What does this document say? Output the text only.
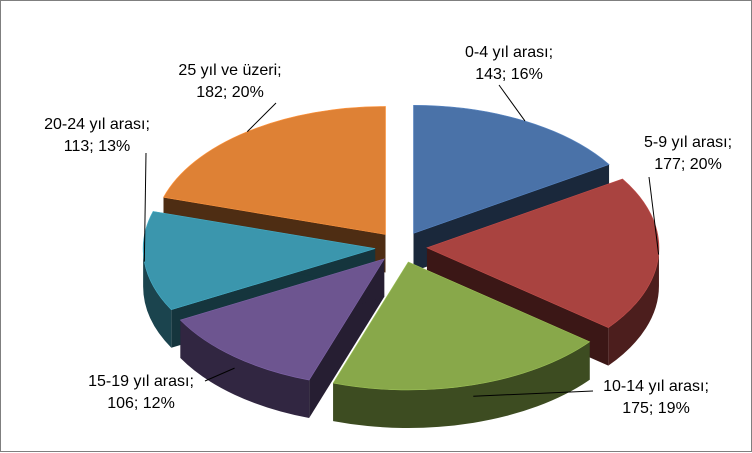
0-4 yıl arası;
143; 16%
5-9 yıl arası;
177; 20%
10-14 yıl arası;
175; 19%
15-19 yıl arası;
106; 12%
20-24 yıl arası;
113; 13%
25 yıl ve üzeri;
182; 20%
